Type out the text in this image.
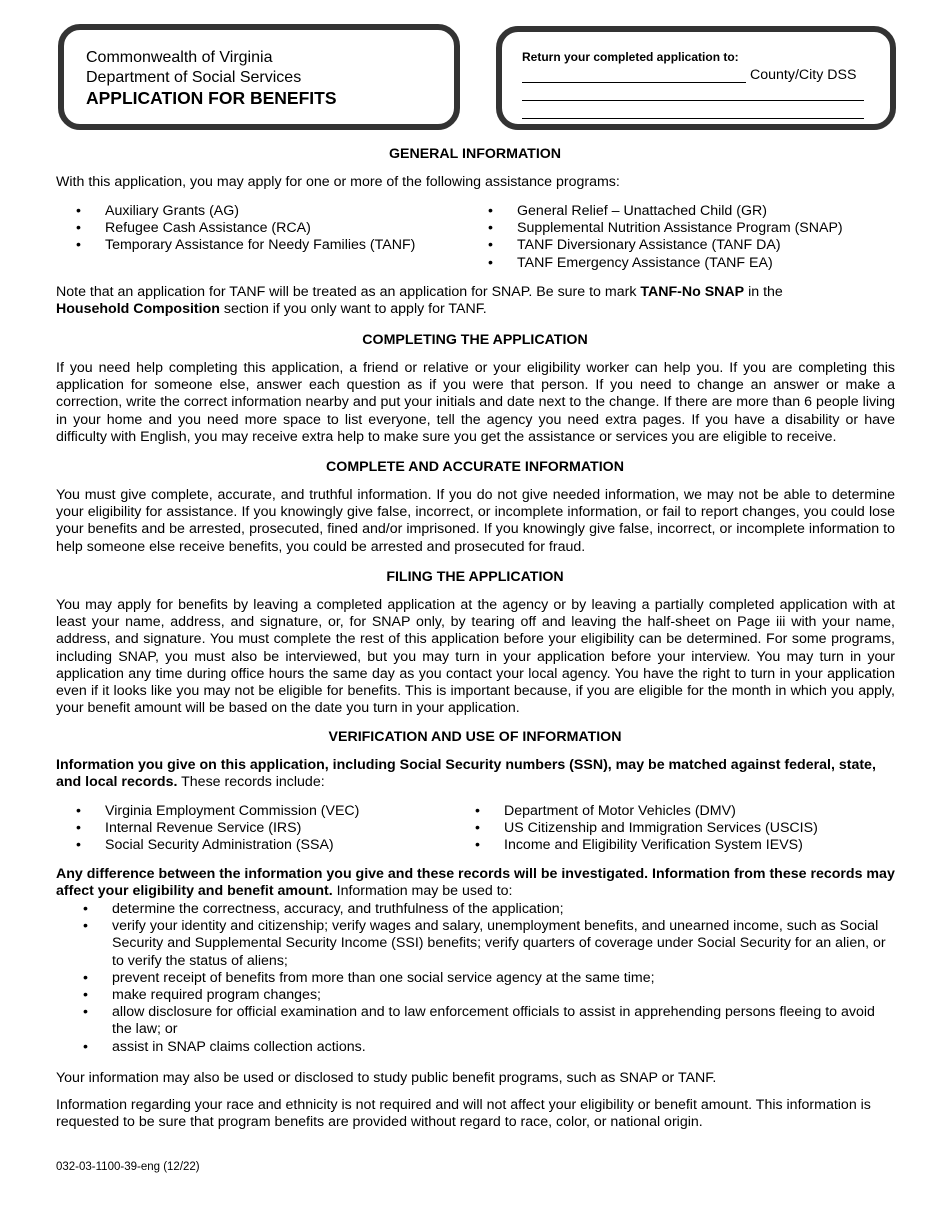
Commonwealth of Virginia
Department of Social Services
APPLICATION FOR BENEFITS
Return your completed application to:
County/City DSS
GENERAL INFORMATION
With this application, you may apply for one or more of the following assistance programs:
• Auxiliary Grants (AG)
• Refugee Cash Assistance (RCA)
• Temporary Assistance for Needy Families (TANF)
• General Relief – Unattached Child (GR)
• Supplemental Nutrition Assistance Program (SNAP)
• TANF Diversionary Assistance (TANF DA)
• TANF Emergency Assistance (TANF EA)
Note that an application for TANF will be treated as an application for SNAP. Be sure to mark TANF-No SNAP in the
Household Composition section if you only want to apply for TANF.
COMPLETING THE APPLICATION
If you need help completing this application, a friend or relative or your eligibility worker can help you. If you are completing this application for someone else, answer each question as if you were that person. If you need to change an answer or make a correction, write the correct information nearby and put your initials and date next to the change. If there are more than 6 people living in your home and you need more space to list everyone, tell the agency you need extra pages. If you have a disability or have difficulty with English, you may receive extra help to make sure you get the assistance or services you are eligible to receive.
COMPLETE AND ACCURATE INFORMATION
You must give complete, accurate, and truthful information. If you do not give needed information, we may not be able to determine your eligibility for assistance. If you knowingly give false, incorrect, or incomplete information, or fail to report changes, you could lose your benefits and be arrested, prosecuted, fined and/or imprisoned. If you knowingly give false, incorrect, or incomplete information to help someone else receive benefits, you could be arrested and prosecuted for fraud.
FILING THE APPLICATION
You may apply for benefits by leaving a completed application at the agency or by leaving a partially completed application with at least your name, address, and signature, or, for SNAP only, by tearing off and leaving the half-sheet on Page iii with your name, address, and signature. You must complete the rest of this application before your eligibility can be determined. For some programs, including SNAP, you must also be interviewed, but you may turn in your application before your interview. You may turn in your application any time during office hours the same day as you contact your local agency. You have the right to turn in your application even if it looks like you may not be eligible for benefits. This is important because, if you are eligible for the month in which you apply, your benefit amount will be based on the date you turn in your application.
VERIFICATION AND USE OF INFORMATION
Information you give on this application, including Social Security numbers (SSN), may be matched against federal, state, and local records. These records include:
• Virginia Employment Commission (VEC)
• Internal Revenue Service (IRS)
• Social Security Administration (SSA)
• Department of Motor Vehicles (DMV)
• US Citizenship and Immigration Services (USCIS)
• Income and Eligibility Verification System IEVS)
Any difference between the information you give and these records will be investigated. Information from these records may affect your eligibility and benefit amount. Information may be used to:
• determine the correctness, accuracy, and truthfulness of the application;
• verify your identity and citizenship; verify wages and salary, unemployment benefits, and unearned income, such as Social Security and Supplemental Security Income (SSI) benefits; verify quarters of coverage under Social Security for an alien, or to verify the status of aliens;
• prevent receipt of benefits from more than one social service agency at the same time;
• make required program changes;
• allow disclosure for official examination and to law enforcement officials to assist in apprehending persons fleeing to avoid the law; or
• assist in SNAP claims collection actions.
Your information may also be used or disclosed to study public benefit programs, such as SNAP or TANF.
Information regarding your race and ethnicity is not required and will not affect your eligibility or benefit amount. This information is requested to be sure that program benefits are provided without regard to race, color, or national origin.
032-03-1100-39-eng (12/22)
